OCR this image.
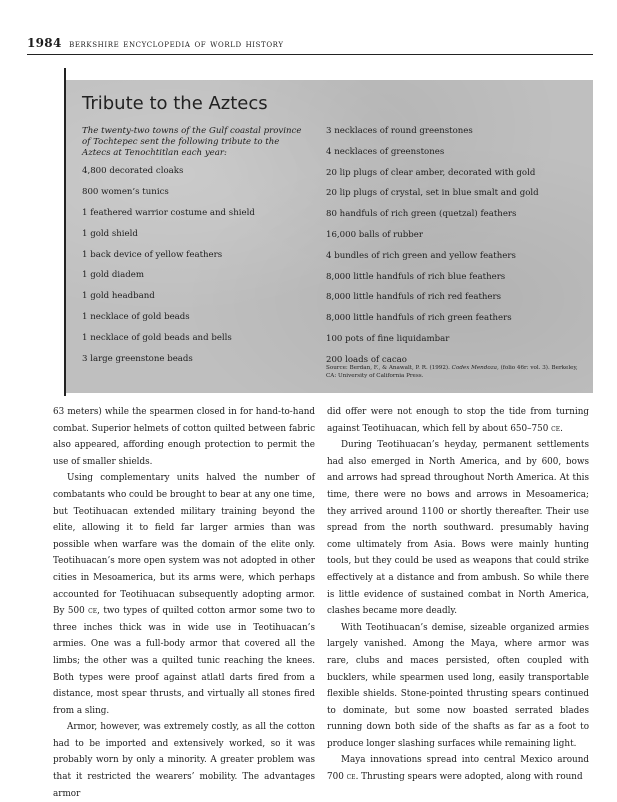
1984 berkshire encyclopedia of world history
Tribute to the Aztecs
The twenty-two towns of the Gulf coastal province of Tochtepec sent the following tribute to the Aztecs at Tenochtitlan each year:
4,800 decorated cloaks
800 women’s tunics
1 feathered warrior costume and shield
1 gold shield
1 back device of yellow feathers
1 gold diadem
1 gold headband
1 necklace of gold beads
1 necklace of gold beads and bells
3 large greenstone beads
3 necklaces of round greenstones
4 necklaces of greenstones
20 lip plugs of clear amber, decorated with gold
20 lip plugs of crystal, set in blue smalt and gold
80 handfuls of rich green (quetzal) feathers
16,000 balls of rubber
4 bundles of rich green and yellow feathers
8,000 little handfuls of rich blue feathers
8,000 little handfuls of rich red feathers
8,000 little handfuls of rich green feathers
100 pots of fine liquidambar
200 loads of cacao
Source: Berdan, F., & Anawalt, P. R. (1992). Codex Mendoza, (folio 46r: vol. 3). Berkeley, CA: University of California Press.

63 meters) while the spearmen closed in for hand-to-hand combat. Superior helmets of cotton quilted between fabric also appeared, affording enough protection to permit the use of smaller shields.

Using complementary units halved the number of combatants who could be brought to bear at any one time, but Teotihuacan extended military training beyond the elite, allowing it to field far larger armies than was possible when warfare was the domain of the elite only. Teotihuacan’s more open system was not adopted in other cities in Mesoamerica, but its arms were, which perhaps accounted for Teotihuacan subsequently adopting armor. By 500 ce, two types of quilted cotton armor some two to three inches thick was in wide use in Teotihuacan’s armies. One was a full-body armor that covered all the limbs; the other was a quilted tunic reaching the knees. Both types were proof against atlatl darts fired from a distance, most spear thrusts, and virtually all stones fired from a sling.

Armor, however, was extremely costly, as all the cotton had to be imported and extensively worked, so it was probably worn by only a minority. A greater problem was that it restricted the wearers’ mobility. The advantages armor

did offer were not enough to stop the tide from turning against Teotihuacan, which fell by about 650–750 ce.

During Teotihuacan’s heyday, permanent settlements had also emerged in North America, and by 600, bows and arrows had spread throughout North America. At this time, there were no bows and arrows in Mesoamerica; they arrived around 1100 or shortly thereafter. Their use spread from the north southward. presumably having come ultimately from Asia. Bows were mainly hunting tools, but they could be used as weapons that could strike effectively at a distance and from ambush. So while there is little evidence of sustained combat in North America, clashes became more deadly.

With Teotihuacan’s demise, sizeable organized armies largely vanished. Among the Maya, where armor was rare, clubs and maces persisted, often coupled with bucklers, while spearmen used long, easily transportable flexible shields. Stone-pointed thrusting spears continued to dominate, but some now boasted serrated blades running down both side of the shafts as far as a foot to produce longer slashing surfaces while remaining light.

Maya innovations spread into central Mexico around 700 ce. Thrusting spears were adopted, along with round
